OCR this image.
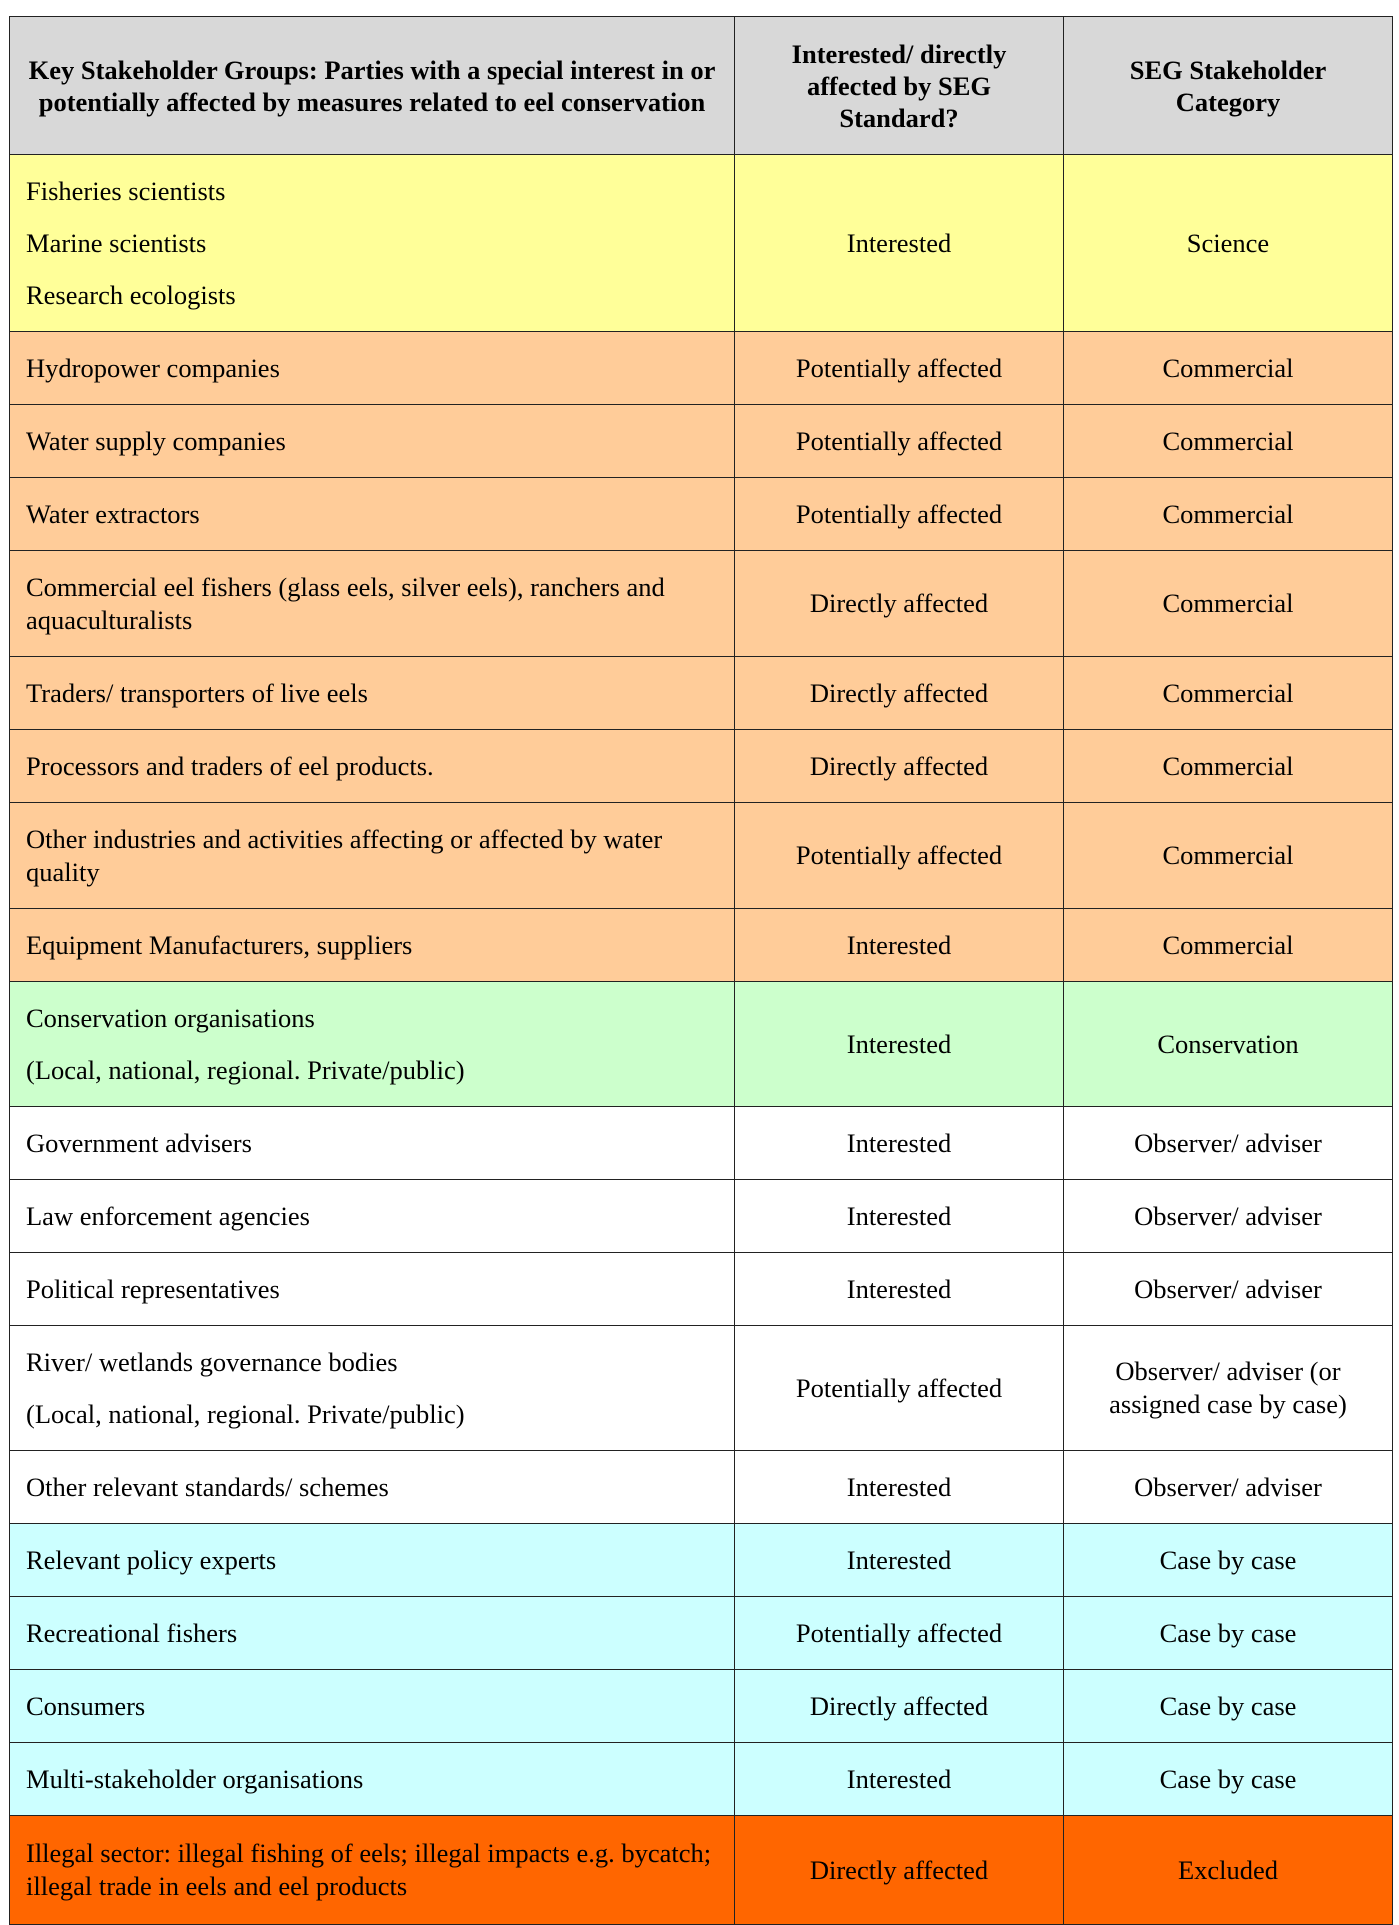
Key Stakeholder Groups: Parties with a special interest in or potentially affected by measures related to eel conservation	Interested/ directly affected by SEG Standard?	SEG Stakeholder Category

Fisheries scientists
Marine scientists
Research ecologists	Interested	Science
Hydropower companies	Potentially affected	Commercial
Water supply companies	Potentially affected	Commercial
Water extractors	Potentially affected	Commercial
Commercial eel fishers (glass eels, silver eels), ranchers and aquaculturalists	Directly affected	Commercial
Traders/ transporters of live eels	Directly affected	Commercial
Processors and traders of eel products.	Directly affected	Commercial
Other industries and activities affecting or affected by water quality	Potentially affected	Commercial
Equipment Manufacturers, suppliers	Interested	Commercial

Conservation organisations
(Local, national, regional. Private/public)	Interested	Conservation
Government advisers	Interested	Observer/ adviser
Law enforcement agencies	Interested	Observer/ adviser
Political representatives	Interested	Observer/ adviser

River/ wetlands governance bodies
(Local, national, regional. Private/public)	Potentially affected	Observer/ adviser (or assigned case by case)
Other relevant standards/ schemes	Interested	Observer/ adviser
Relevant policy experts	Interested	Case by case
Recreational fishers	Potentially affected	Case by case
Consumers	Directly affected	Case by case
Multi-stakeholder organisations	Interested	Case by case
Illegal sector: illegal fishing of eels; illegal impacts e.g. bycatch; illegal trade in eels and eel products	Directly affected	Excluded
